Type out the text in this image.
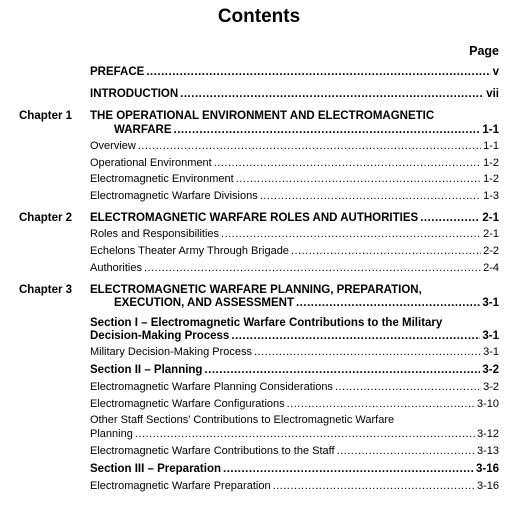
Contents
Page
PREFACE .....	v
INTRODUCTION .....	vii
Chapter 1 THE OPERATIONAL ENVIRONMENT AND ELECTROMAGNETIC
WARFARE .....	1-1
Overview .....	1-1
Operational Environment .....	1-2
Electromagnetic Environment .....	1-2
Electromagnetic Warfare Divisions .....	1-3
Chapter 2 ELECTROMAGNETIC WARFARE ROLES AND AUTHORITIES .....	2-1
Roles and Responsibilities .....	2-1
Echelons Theater Army Through Brigade .....	2-2
Authorities .....	2-4
Chapter 3 ELECTROMAGNETIC WARFARE PLANNING, PREPARATION,
EXECUTION, AND ASSESSMENT .....	3-1
Section I – Electromagnetic Warfare Contributions to the Military
Decision-Making Process .....	3-1
Military Decision-Making Process .....	3-1
Section II – Planning .....	3-2
Electromagnetic Warfare Planning Considerations .....	3-2
Electromagnetic Warfare Configurations .....	3-10
Other Staff Sections' Contributions to Electromagnetic Warfare
Planning .....	3-12
Electromagnetic Warfare Contributions to the Staff .....	3-13
Section III – Preparation .....	3-16
Electromagnetic Warfare Preparation .....	3-16
